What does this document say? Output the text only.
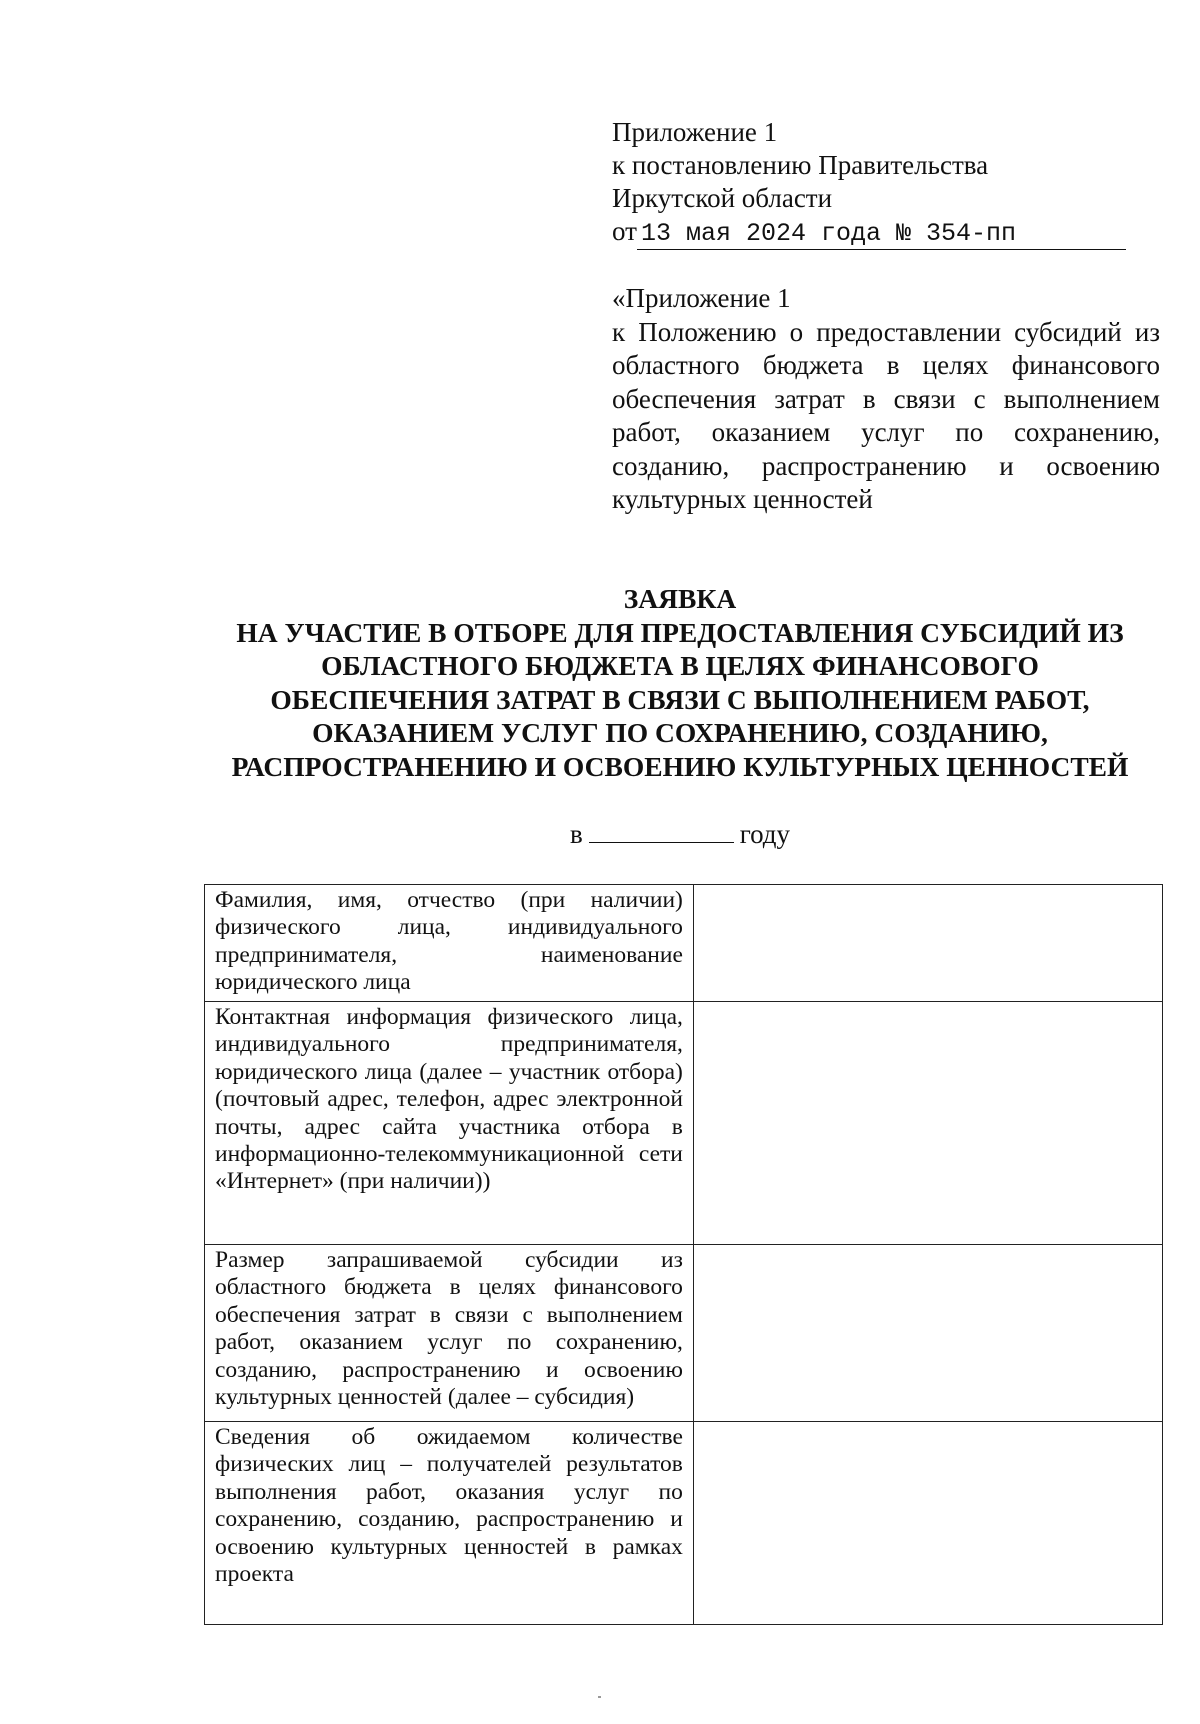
Приложение 1
к постановлению Правительства
Иркутской области
от 13 мая 2024 года № 354-пп
«Приложение 1
к Положению о предоставлении субсидий из областного бюджета в целях финансового обеспечения затрат в связи с выполнением работ, оказанием услуг по сохранению, созданию, распространению и освоению культурных ценностей
ЗАЯВКА
НА УЧАСТИЕ В ОТБОРЕ ДЛЯ ПРЕДОСТАВЛЕНИЯ СУБСИДИЙ ИЗ
ОБЛАСТНОГО БЮДЖЕТА В ЦЕЛЯХ ФИНАНСОВОГО
ОБЕСПЕЧЕНИЯ ЗАТРАТ В СВЯЗИ С ВЫПОЛНЕНИЕМ РАБОТ,
ОКАЗАНИЕМ УСЛУГ ПО СОХРАНЕНИЮ, СОЗДАНИЮ,
РАСПРОСТРАНЕНИЮ И ОСВОЕНИЮ КУЛЬТУРНЫХ ЦЕННОСТЕЙ
в	году
Фамилия, имя, отчество (при наличии) физического лица, индивидуального предпринимателя, наименование юридического лица	
Контактная информация физического лица, индивидуального предпринимателя, юридического лица (далее – участник отбора) (почтовый адрес, телефон, адрес электронной почты, адрес сайта участника отбора в информационно-телекоммуникационной сети «Интернет» (при наличии))	
Размер запрашиваемой субсидии из областного бюджета в целях финансового обеспечения затрат в связи с выполнением работ, оказанием услуг по сохранению, созданию, распространению и освоению культурных ценностей (далее – субсидия)	
Сведения об ожидаемом количестве физических лиц – получателей результатов выполнения работ, оказания услуг по сохранению, созданию, распространению и освоению культурных ценностей в рамках проекта	
